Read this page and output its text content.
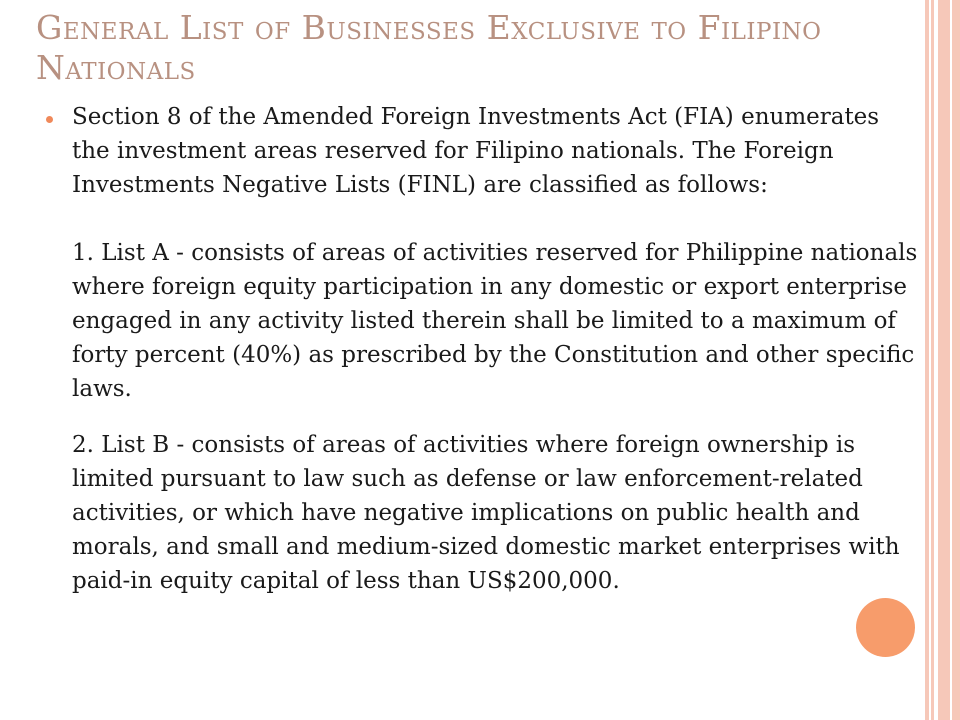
General List of Businesses Exclusive to Filipino Nationals

Section 8 of the Amended Foreign Investments Act (FIA) enumerates the investment areas reserved for Filipino nationals. The Foreign Investments Negative Lists (FINL) are classified as follows:

1. List A - consists of areas of activities reserved for Philippine nationals where foreign equity participation in any domestic or export enterprise engaged in any activity listed therein shall be limited to a maximum of forty percent (40%) as prescribed by the Constitution and other specific laws.

2. List B - consists of areas of activities where foreign ownership is limited pursuant to law such as defense or law enforcement-related activities, or which have negative implications on public health and morals, and small and medium-sized domestic market enterprises with paid-in equity capital of less than US$200,000.
